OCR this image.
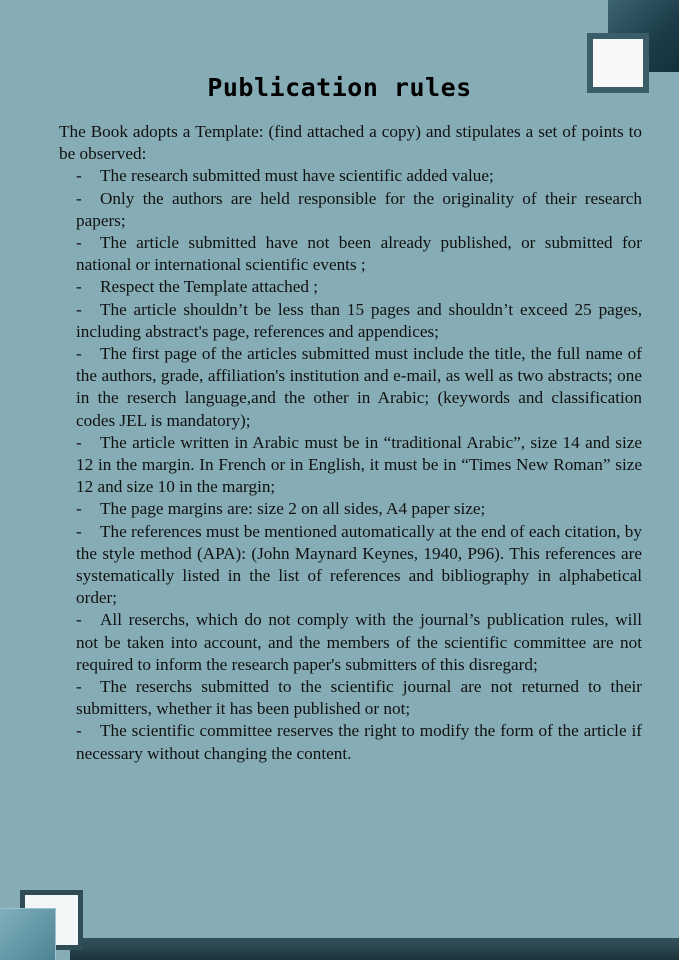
Publication rules

The Book adopts a Template: (find attached a copy) and stipulates a set of points to be observed:

- The research submitted must have scientific added value;
- Only the authors are held responsible for the originality of their research papers;
- The article submitted have not been already published, or submitted for national or international scientific events ;
- Respect the Template attached ;
- The article shouldn’t be less than 15 pages and shouldn’t exceed 25 pages, including abstract's page, references and appendices;
- The first page of the articles submitted must include the title, the full name of the authors, grade, affiliation's institution and e-mail, as well as two abstracts; one in the reserch language,and the other in Arabic; (keywords and classification codes JEL is mandatory);
- The article written in Arabic must be in “traditional Arabic”, size 14 and size 12 in the margin. In French or in English, it must be in “Times New Roman” size 12 and size 10 in the margin;
- The page margins are: size 2 on all sides, A4 paper size;
- The references must be mentioned automatically at the end of each citation, by the style method (APA): (John Maynard Keynes, 1940, P96). This references are systematically listed in the list of references and bibliography in alphabetical order;
- All reserchs, which do not comply with the journal’s publication rules, will not be taken into account, and the members of the scientific committee are not required to inform the research paper's submitters of this disregard;
- The reserchs submitted to the scientific journal are not returned to their submitters, whether it has been published or not;
- The scientific committee reserves the right to modify the form of the article if necessary without changing the content.
